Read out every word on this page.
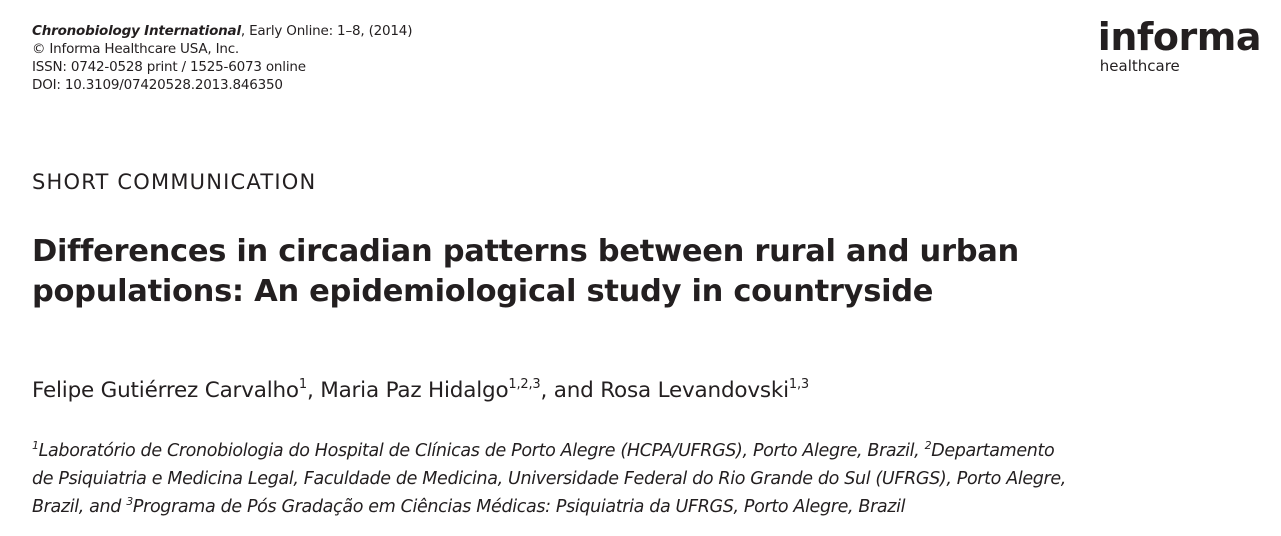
Chronobiology International, Early Online: 1–8, (2014)
© Informa Healthcare USA, Inc.
ISSN: 0742-0528 print / 1525-6073 online
DOI: 10.3109/07420528.2013.846350
informa
healthcare
SHORT COMMUNICATION
Differences in circadian patterns between rural and urban
populations: An epidemiological study in countryside
Felipe Gutiérrez Carvalho$^1$, Maria Paz Hidalgo$^{1,2,3}$, and Rosa Levandovski$^{1,3}$
$^1$Laboratório de Cronobiologia do Hospital de Clínicas de Porto Alegre (HCPA/UFRGS), Porto Alegre, Brazil, $^2$Departamento
de Psiquiatria e Medicina Legal, Faculdade de Medicina, Universidade Federal do Rio Grande do Sul (UFRGS), Porto Alegre,
Brazil, and $^3$Programa de Pós Gradação em Ciências Médicas: Psiquiatria da UFRGS, Porto Alegre, Brazil
